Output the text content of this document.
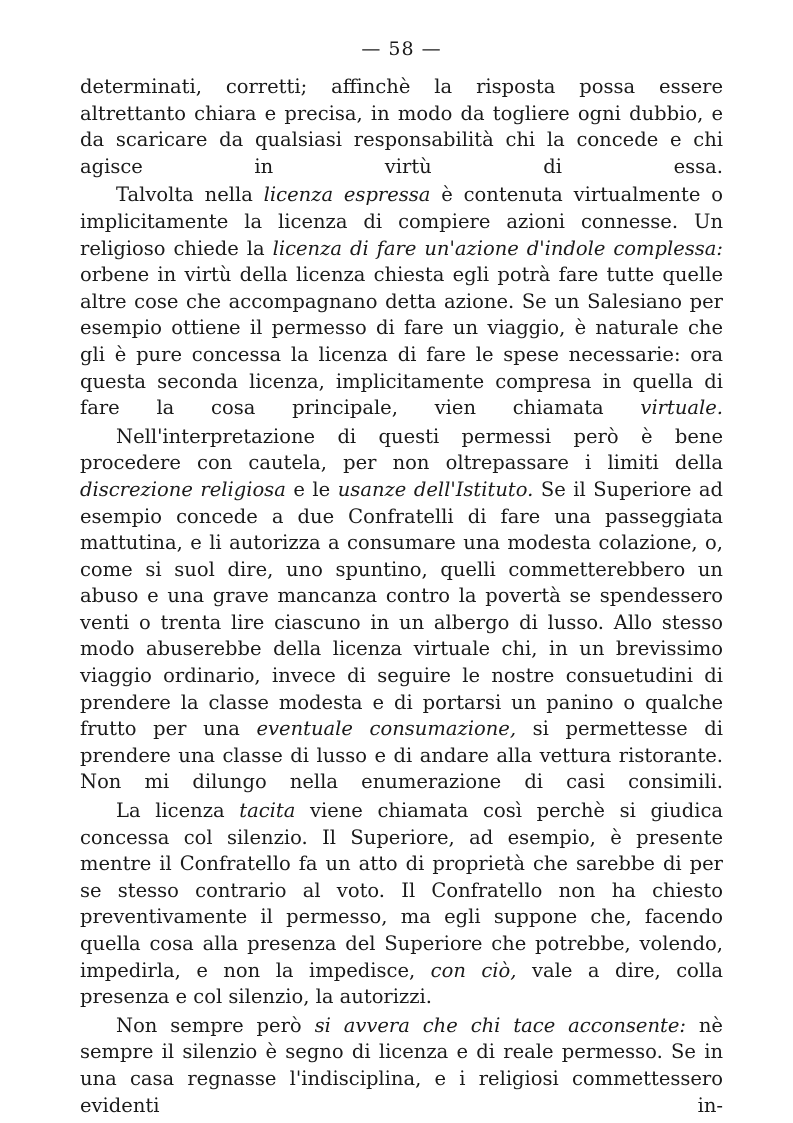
— 58 —

determinati, corretti; affinchè la risposta possa essere altrettanto chiara e precisa, in modo da togliere ogni dubbio, e da scaricare da qualsiasi responsabilità chi la concede e chi agisce in virtù di essa.

Talvolta nella licenza espressa è contenuta virtualmente o implicitamente la licenza di compiere azioni connesse. Un religioso chiede la licenza di fare un'azione d'indole complessa: orbene in virtù della licenza chiesta egli potrà fare tutte quelle altre cose che accompagnano detta azione. Se un Salesiano per esempio ottiene il permesso di fare un viaggio, è naturale che gli è pure concessa la licenza di fare le spese necessarie: ora questa seconda licenza, implicitamente compresa in quella di fare la cosa principale, vien chiamata virtuale.

Nell'interpretazione di questi permessi però è bene procedere con cautela, per non oltrepassare i limiti della discrezione religiosa e le usanze dell'Istituto. Se il Superiore ad esempio concede a due Confratelli di fare una passeggiata mattutina, e li autorizza a consumare una modesta colazione, o, come si suol dire, uno spuntino, quelli commetterebbero un abuso e una grave mancanza contro la povertà se spendessero venti o trenta lire ciascuno in un albergo di lusso. Allo stesso modo abuserebbe della licenza virtuale chi, in un brevissimo viaggio ordinario, invece di seguire le nostre consuetudini di prendere la classe modesta e di portarsi un panino o qualche frutto per una eventuale consumazione, si permettesse di prendere una classe di lusso e di andare alla vettura ristorante. Non mi dilungo nella enumerazione di casi consimili.

La licenza tacita viene chiamata così perchè si giudica concessa col silenzio. Il Superiore, ad esempio, è presente mentre il Confratello fa un atto di proprietà che sarebbe di per se stesso contrario al voto. Il Confratello non ha chiesto preventivamente il permesso, ma egli suppone che, facendo quella cosa alla presenza del Superiore che potrebbe, volendo, impedirla, e non la impedisce, con ciò, vale a dire, colla presenza e col silenzio, la autorizzi.

Non sempre però si avvera che chi tace acconsente: nè sempre il silenzio è segno di licenza e di reale permesso. Se in una casa regnasse l'indisciplina, e i religiosi commettessero evidenti in-
